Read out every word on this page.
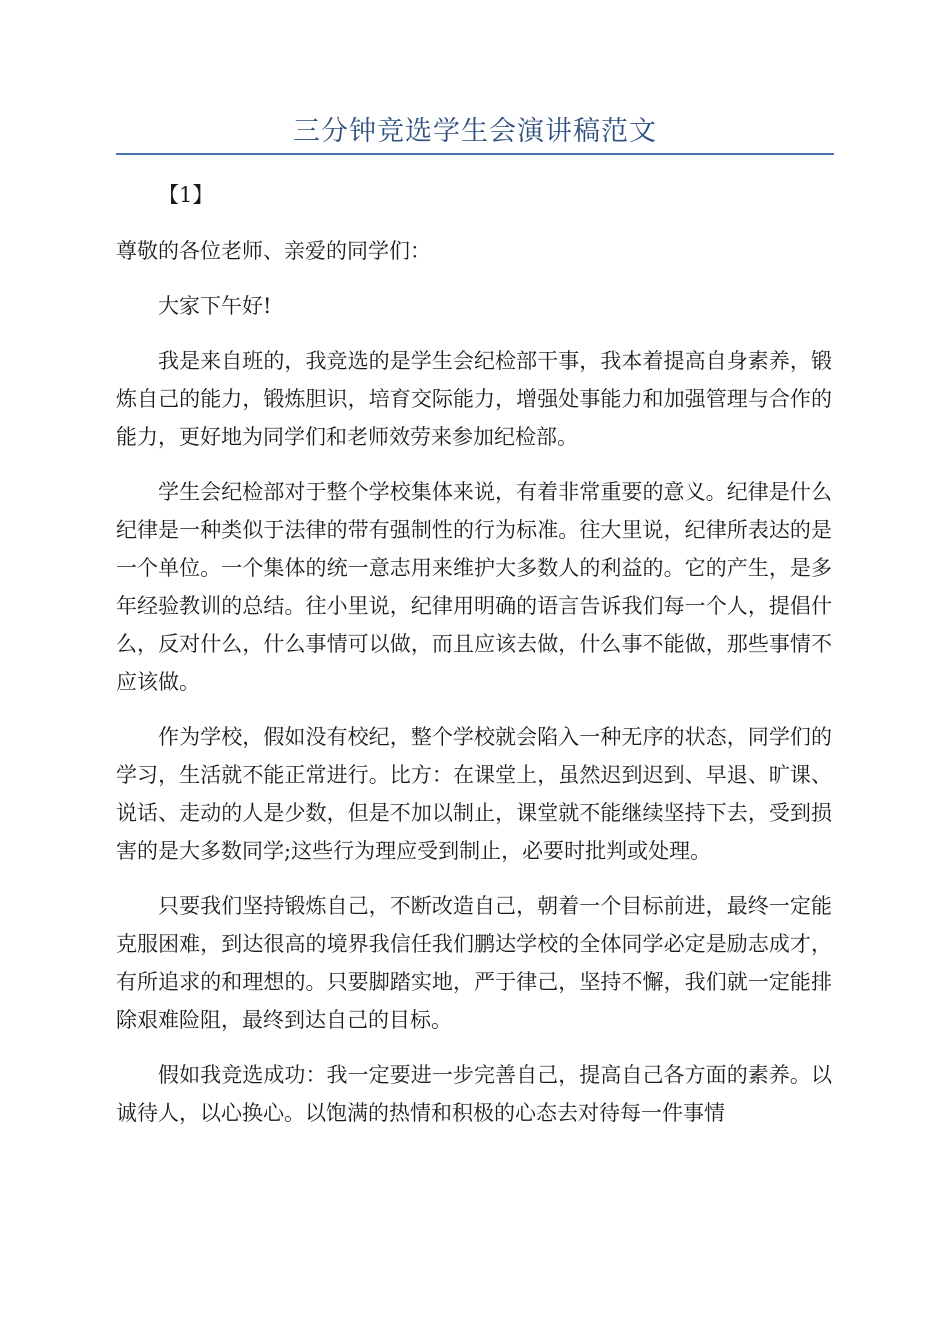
三分钟竞选学生会演讲稿范文

【1】

尊敬的各位老师、亲爱的同学们：

大家下午好!

我是来自班的，我竞选的是学生会纪检部干事，我本着提高自身素养，锻炼自己的能力，锻炼胆识，培育交际能力，增强处事能力和加强管理与合作的能力，更好地为同学们和老师效劳来参加纪检部。

学生会纪检部对于整个学校集体来说，有着非常重要的意义。纪律是什么纪律是一种类似于法律的带有强制性的行为标准。往大里说，纪律所表达的是一个单位。一个集体的统一意志用来维护大多数人的利益的。它的产生，是多年经验教训的总结。往小里说，纪律用明确的语言告诉我们每一个人，提倡什么，反对什么，什么事情可以做，而且应该去做，什么事不能做，那些事情不应该做。

作为学校，假如没有校纪，整个学校就会陷入一种无序的状态，同学们的学习，生活就不能正常进行。比方：在课堂上，虽然迟到迟到、早退、旷课、说话、走动的人是少数，但是不加以制止，课堂就不能继续坚持下去，受到损害的是大多数同学;这些行为理应受到制止，必要时批判或处理。

只要我们坚持锻炼自己，不断改造自己，朝着一个目标前进，最终一定能克服困难，到达很高的境界我信任我们鹏达学校的全体同学必定是励志成才，有所追求的和理想的。只要脚踏实地，严于律己，坚持不懈，我们就一定能排除艰难险阻，最终到达自己的目标。

假如我竞选成功：我一定要进一步完善自己，提高自己各方面的素养。以诚待人，以心换心。以饱满的热情和积极的心态去对待每一件事情
